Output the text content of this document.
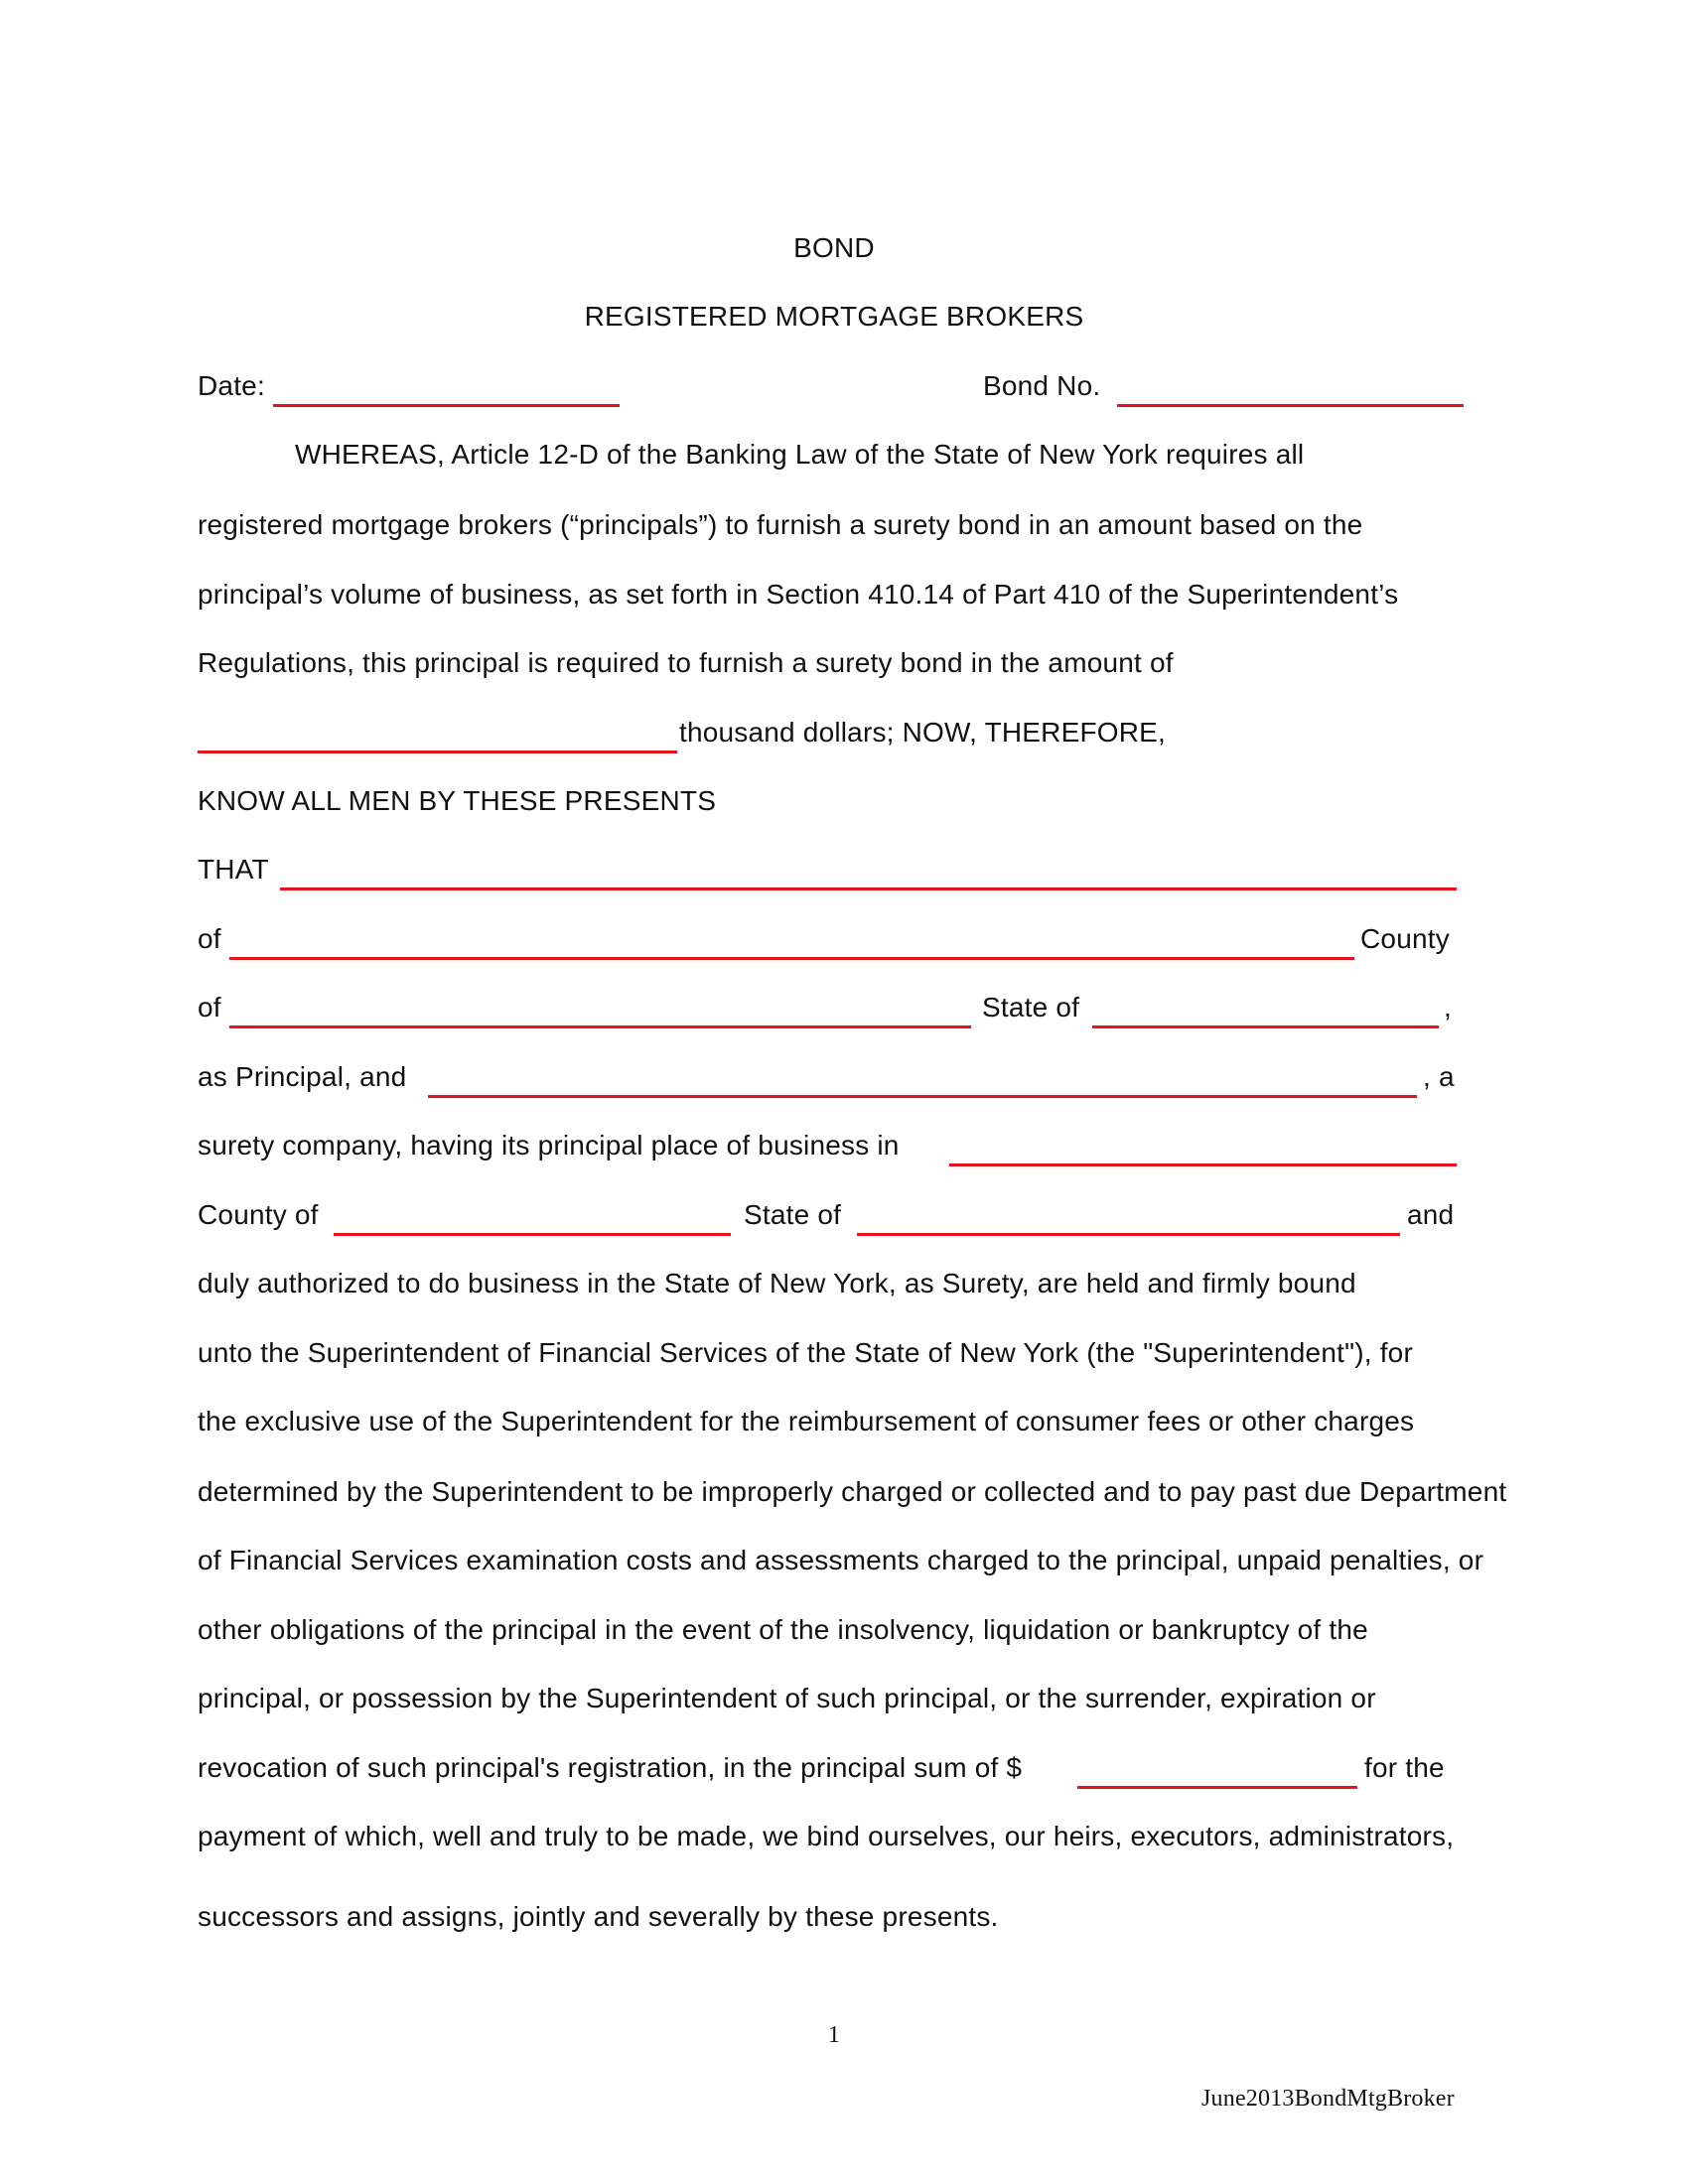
BOND
REGISTERED MORTGAGE BROKERS
Date:	Bond No.
WHEREAS, Article 12-D of the Banking Law of the State of New York requires all
registered mortgage brokers (“principals”) to furnish a surety bond in an amount based on the
principal’s volume of business, as set forth in Section 410.14 of Part 410 of the Superintendent’s
Regulations, this principal is required to furnish a surety bond in the amount of
thousand dollars; NOW, THEREFORE,
KNOW ALL MEN BY THESE PRESENTS
THAT
of	County
of	State of	,
as Principal, and	, a
surety company, having its principal place of business in
County of	State of	and
duly authorized to do business in the State of New York, as Surety, are held and firmly bound
unto the Superintendent of Financial Services of the State of New York (the "Superintendent"), for
the exclusive use of the Superintendent for the reimbursement of consumer fees or other charges
determined by the Superintendent to be improperly charged or collected and to pay past due Department
of Financial Services examination costs and assessments charged to the principal, unpaid penalties, or
other obligations of the principal in the event of the insolvency, liquidation or bankruptcy of the
principal, or possession by the Superintendent of such principal, or the surrender, expiration or
revocation of such principal's registration, in the principal sum of $	for the
payment of which, well and truly to be made, we bind ourselves, our heirs, executors, administrators,
successors and assigns, jointly and severally by these presents.
1
June2013BondMtgBroker
